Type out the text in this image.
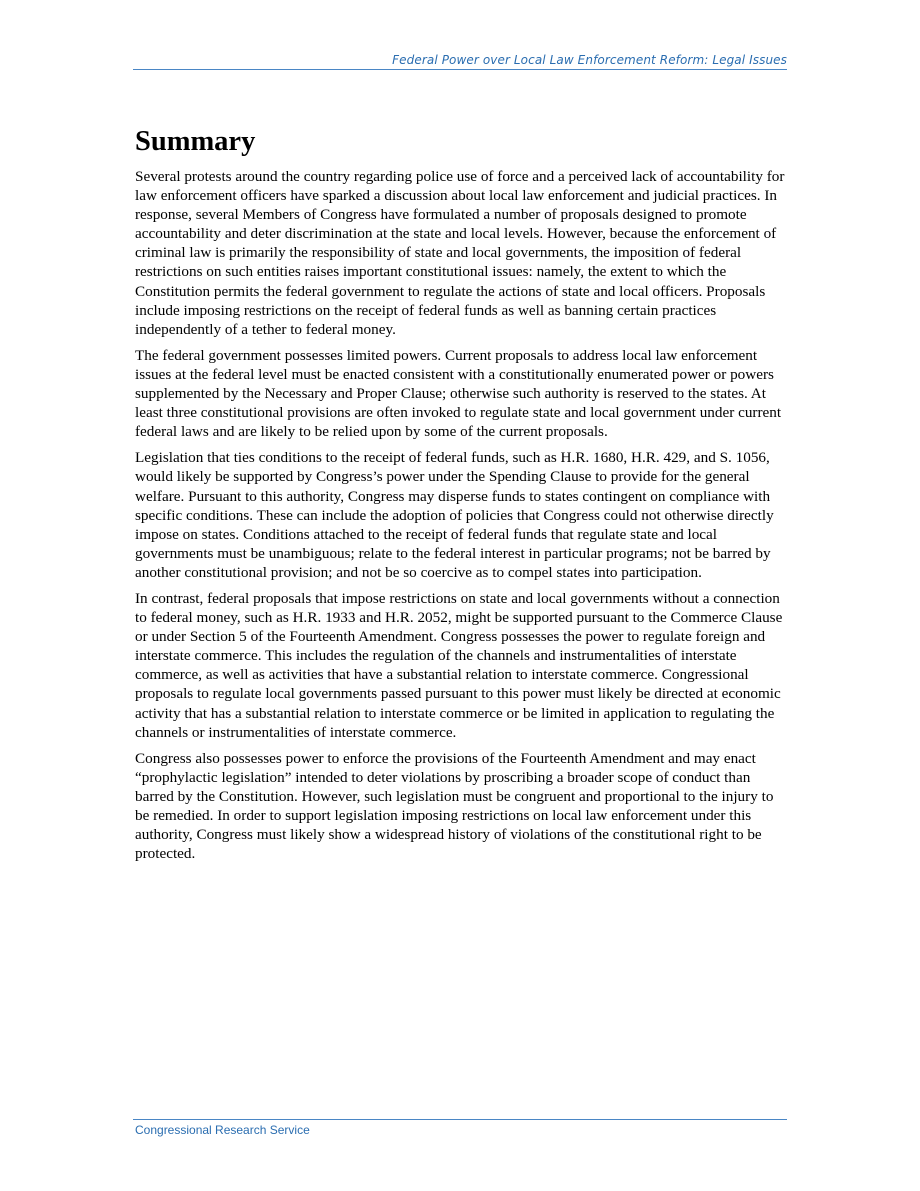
Federal Power over Local Law Enforcement Reform: Legal Issues
Summary

Several protests around the country regarding police use of force and a perceived lack of accountability for law enforcement officers have sparked a discussion about local law enforcement and judicial practices. In response, several Members of Congress have formulated a number of proposals designed to promote accountability and deter discrimination at the state and local levels. However, because the enforcement of criminal law is primarily the responsibility of state and local governments, the imposition of federal restrictions on such entities raises important constitutional issues: namely, the extent to which the Constitution permits the federal government to regulate the actions of state and local officers. Proposals include imposing restrictions on the receipt of federal funds as well as banning certain practices independently of a tether to federal money.

The federal government possesses limited powers. Current proposals to address local law enforcement issues at the federal level must be enacted consistent with a constitutionally enumerated power or powers supplemented by the Necessary and Proper Clause; otherwise such authority is reserved to the states. At least three constitutional provisions are often invoked to regulate state and local government under current federal laws and are likely to be relied upon by some of the current proposals.

Legislation that ties conditions to the receipt of federal funds, such as H.R. 1680, H.R. 429, and S. 1056, would likely be supported by Congress’s power under the Spending Clause to provide for the general welfare. Pursuant to this authority, Congress may disperse funds to states contingent on compliance with specific conditions. These can include the adoption of policies that Congress could not otherwise directly impose on states. Conditions attached to the receipt of federal funds that regulate state and local governments must be unambiguous; relate to the federal interest in particular programs; not be barred by another constitutional provision; and not be so coercive as to compel states into participation.

In contrast, federal proposals that impose restrictions on state and local governments without a connection to federal money, such as H.R. 1933 and H.R. 2052, might be supported pursuant to the Commerce Clause or under Section 5 of the Fourteenth Amendment. Congress possesses the power to regulate foreign and interstate commerce. This includes the regulation of the channels and instrumentalities of interstate commerce, as well as activities that have a substantial relation to interstate commerce. Congressional proposals to regulate local governments passed pursuant to this power must likely be directed at economic activity that has a substantial relation to interstate commerce or be limited in application to regulating the channels or instrumentalities of interstate commerce.

Congress also possesses power to enforce the provisions of the Fourteenth Amendment and may enact “prophylactic legislation” intended to deter violations by proscribing a broader scope of conduct than barred by the Constitution. However, such legislation must be congruent and proportional to the injury to be remedied. In order to support legislation imposing restrictions on local law enforcement under this authority, Congress must likely show a widespread history of violations of the constitutional right to be protected.

Congressional Research Service
